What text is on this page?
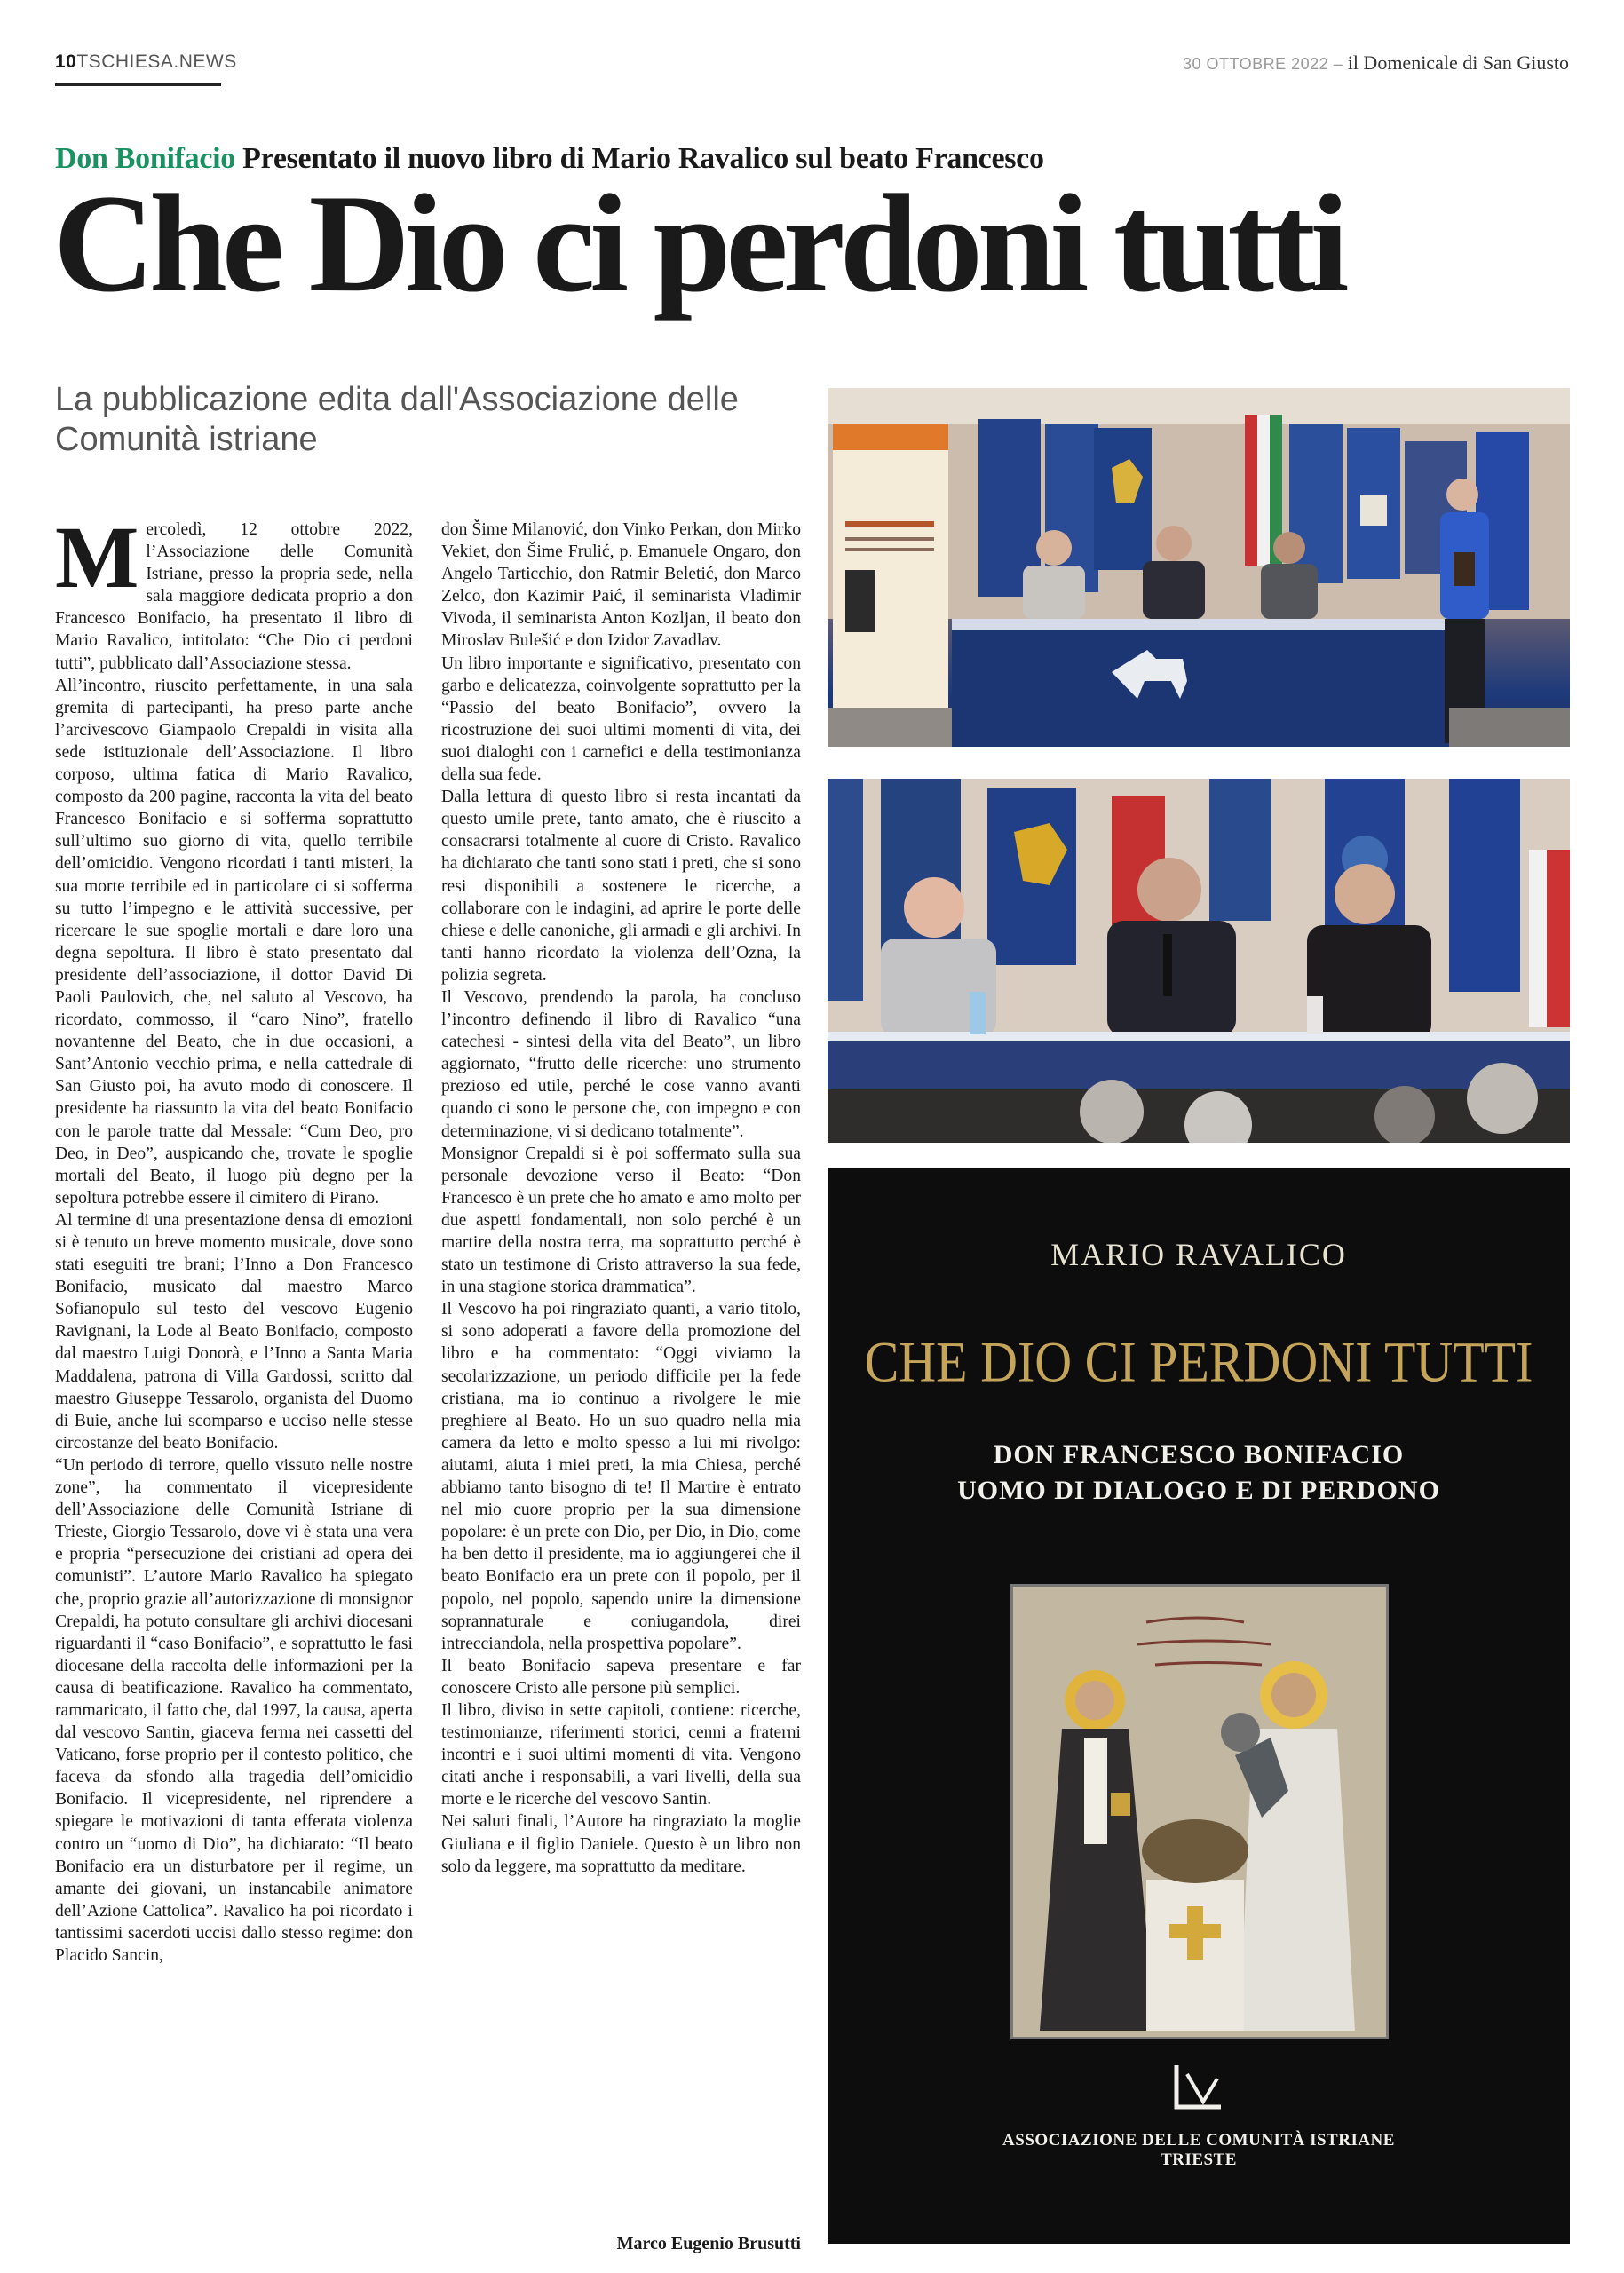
10TSCHIESA.NEWS	30 OTTOBRE 2022 – il Domenicale di San Giusto
Don Bonifacio Presentato il nuovo libro di Mario Ravalico sul beato Francesco
Che Dio ci perdoni tutti
La pubblicazione edita dall'Associazione delle Comunità istriane

Mercoledì, 12 ottobre 2022, l’Associazione delle Comunità Istriane, presso la propria sede, nella sala maggiore dedicata proprio a don Francesco Bonifacio, ha presentato il libro di Mario Ravalico, intitolato: “Che Dio ci perdoni tutti”, pubblicato dall’Associazione stessa.

All’incontro, riuscito perfettamente, in una sala gremita di partecipanti, ha preso parte anche l’arcivescovo Giampaolo Crepaldi in visita alla sede istituzionale dell’Associazione. Il libro corposo, ultima fatica di Mario Ravalico, composto da 200 pagine, racconta la vita del beato Francesco Bonifacio e si sofferma soprattutto sull’ultimo suo giorno di vita, quello terribile dell’omicidio. Vengono ricordati i tanti misteri, la sua morte terribile ed in particolare ci si sofferma su tutto l’impegno e le attività successive, per ricercare le sue spoglie mortali e dare loro una degna sepoltura. Il libro è stato presentato dal presidente dell’associazione, il dottor David Di Paoli Paulovich, che, nel saluto al Vescovo, ha ricordato, commosso, il “caro Nino”, fratello novantenne del Beato, che in due occasioni, a Sant’Antonio vecchio prima, e nella cattedrale di San Giusto poi, ha avuto modo di conoscere. Il presidente ha riassunto la vita del beato Bonifacio con le parole tratte dal Messale: “Cum Deo, pro Deo, in Deo”, auspicando che, trovate le spoglie mortali del Beato, il luogo più degno per la sepoltura potrebbe essere il cimitero di Pirano.

Al termine di una presentazione densa di emozioni si è tenuto un breve momento musicale, dove sono stati eseguiti tre brani; l’Inno a Don Francesco Bonifacio, musicato dal maestro Marco Sofianopulo sul testo del vescovo Eugenio Ravignani, la Lode al Beato Bonifacio, composto dal maestro Luigi Donorà, e l’Inno a Santa Maria Maddalena, patrona di Villa Gardossi, scritto dal maestro Giuseppe Tessarolo, organista del Duomo di Buie, anche lui scomparso e ucciso nelle stesse circostanze del beato Bonifacio.

“Un periodo di terrore, quello vissuto nelle nostre zone”, ha commentato il vicepresidente dell’Associazione delle Comunità Istriane di Trieste, Giorgio Tessarolo, dove vi è stata una vera e propria “persecuzione dei cristiani ad opera dei comunisti”. L’autore Mario Ravalico ha spiegato che, proprio grazie all’autorizzazione di monsignor Crepaldi, ha potuto consultare gli archivi diocesani riguardanti il “caso Bonifacio”, e soprattutto le fasi diocesane della raccolta delle informazioni per la causa di beatificazione. Ravalico ha commentato, rammaricato, il fatto che, dal 1997, la causa, aperta dal vescovo Santin, giaceva ferma nei cassetti del Vaticano, forse proprio per il contesto politico, che faceva da sfondo alla tragedia dell’omicidio Bonifacio. Il vicepresidente, nel riprendere a spiegare le motivazioni di tanta efferata violenza contro un “uomo di Dio”, ha dichiarato: “Il beato Bonifacio era un disturbatore per il regime, un amante dei giovani, un instancabile animatore dell’Azione Cattolica”. Ravalico ha poi ricordato i tantissimi sacerdoti uccisi dallo stesso regime: don Placido Sancin,

don Šime Milanović, don Vinko Perkan, don Mirko Vekiet, don Šime Frulić, p. Emanuele Ongaro, don Angelo Tarticchio, don Ratmir Beletić, don Marco Zelco, don Kazimir Paić, il seminarista Vladimir Vivoda, il seminarista Anton Kozljan, il beato don Miroslav Bulešić e don Izidor Zavadlav.

Un libro importante e significativo, presentato con garbo e delicatezza, coinvolgente soprattutto per la “Passio del beato Bonifacio”, ovvero la ricostruzione dei suoi ultimi momenti di vita, dei suoi dialoghi con i carnefici e della testimonianza della sua fede.

Dalla lettura di questo libro si resta incantati da questo umile prete, tanto amato, che è riuscito a consacrarsi totalmente al cuore di Cristo. Ravalico ha dichiarato che tanti sono stati i preti, che si sono resi disponibili a sostenere le ricerche, a collaborare con le indagini, ad aprire le porte delle chiese e delle canoniche, gli armadi e gli archivi. In tanti hanno ricordato la violenza dell’Ozna, la polizia segreta.

Il Vescovo, prendendo la parola, ha concluso l’incontro definendo il libro di Ravalico “una catechesi - sintesi della vita del Beato”, un libro aggiornato, “frutto delle ricerche: uno strumento prezioso ed utile, perché le cose vanno avanti quando ci sono le persone che, con impegno e con determinazione, vi si dedicano totalmente”.

Monsignor Crepaldi si è poi soffermato sulla sua personale devozione verso il Beato: “Don Francesco è un prete che ho amato e amo molto per due aspetti fondamentali, non solo perché è un martire della nostra terra, ma soprattutto perché è stato un testimone di Cristo attraverso la sua fede, in una stagione storica drammatica”.

Il Vescovo ha poi ringraziato quanti, a vario titolo, si sono adoperati a favore della promozione del libro e ha commentato: “Oggi viviamo la secolarizzazione, un periodo difficile per la fede cristiana, ma io continuo a rivolgere le mie preghiere al Beato. Ho un suo quadro nella mia camera da letto e molto spesso a lui mi rivolgo: aiutami, aiuta i miei preti, la mia Chiesa, perché abbiamo tanto bisogno di te! Il Martire è entrato nel mio cuore proprio per la sua dimensione popolare: è un prete con Dio, per Dio, in Dio, come ha ben detto il presidente, ma io aggiungerei che il beato Bonifacio era un prete con il popolo, per il popolo, nel popolo, sapendo unire la dimensione soprannaturale e coniugandola, direi intrecciandola, nella prospettiva popolare”.

Il beato Bonifacio sapeva presentare e far conoscere Cristo alle persone più semplici.

Il libro, diviso in sette capitoli, contiene: ricerche, testimonianze, riferimenti storici, cenni a fraterni incontri e i suoi ultimi momenti di vita. Vengono citati anche i responsabili, a vari livelli, della sua morte e le ricerche del vescovo Santin.

Nei saluti finali, l’Autore ha ringraziato la moglie Giuliana e il figlio Daniele. Questo è un libro non solo da leggere, ma soprattutto da meditare.

Marco Eugenio Brusutti
MARIO RAVALICO
CHE DIO CI PERDONI TUTTI
DON FRANCESCO BONIFACIO
UOMO DI DIALOGO E DI PERDONO
ASSOCIAZIONE DELLE COMUNITÀ ISTRIANE
TRIESTE
